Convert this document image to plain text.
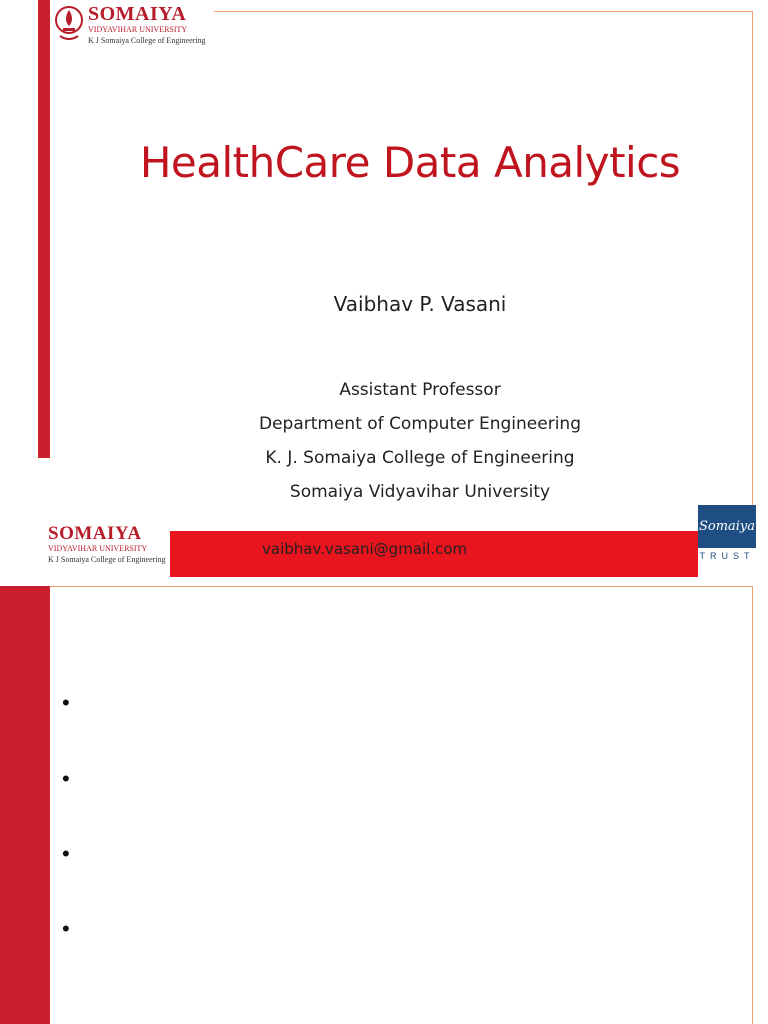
SOMAIYA
VIDYAVIHAR UNIVERSITY
K J Somaiya College of Engineering
HealthCare Data Analytics
Vaibhav P. Vasani
Assistant Professor
Department of Computer Engineering
K. J. Somaiya College of Engineering
Somaiya Vidyavihar University
vaibhav.vasani@gmail.com
SOMAIYA
VIDYAVIHAR UNIVERSITY
K J Somaiya College of Engineering
Somaiya
TRUST
•
•
•
•
